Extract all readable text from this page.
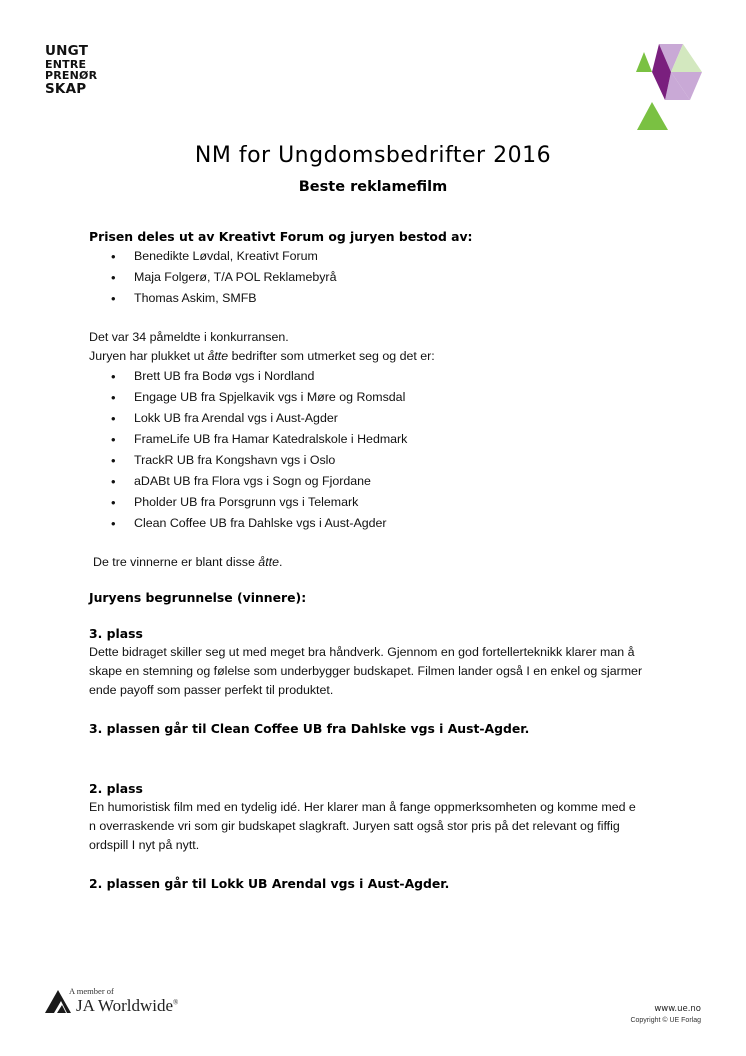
UNGT
ENTRE
PRENØR
SKAP
NM for Ungdomsbedrifter 2016
Beste reklamefilm

Prisen deles ut av Kreativt Forum og juryen bestod av:

• Benedikte Løvdal, Kreativt Forum
• Maja Folgerø, T/A POL Reklamebyrå
• Thomas Askim, SMFB

Det var 34 påmeldte i konkurransen.

Juryen har plukket ut åtte bedrifter som utmerket seg og det er:

• Brett UB fra Bodø vgs i Nordland
• Engage UB fra Spjelkavik vgs i Møre og Romsdal
• Lokk UB fra Arendal vgs i Aust-Agder
• FrameLife UB fra Hamar Katedralskole i Hedmark
• TrackR UB fra Kongshavn vgs i Oslo
• aDABt UB fra Flora vgs i Sogn og Fjordane
• Pholder UB fra Porsgrunn vgs i Telemark
• Clean Coffee UB fra Dahlske vgs i Aust-Agder

De tre vinnerne er blant disse åtte.

Juryens begrunnelse (vinnere):

3. plass

Dette bidraget skiller seg ut med meget bra håndverk. Gjennom en god fortellerteknikk klarer man å

skape en stemning og følelse som underbygger budskapet. Filmen lander også I en enkel og sjarmer

ende payoff som passer perfekt til produktet.

3. plassen går til Clean Coffee UB fra Dahlske vgs i Aust-Agder.

2. plass

En humoristisk film med en tydelig idé. Her klarer man å fange oppmerksomheten og komme med e

n overraskende vri som gir budskapet slagkraft. Juryen satt også stor pris på det relevant og fiffig

ordspill I nyt på nytt.

2. plassen går til Lokk UB Arendal vgs i Aust-Agder.

A member of
JA Worldwide®
www.ue.no
Copyright © UE Forlag
